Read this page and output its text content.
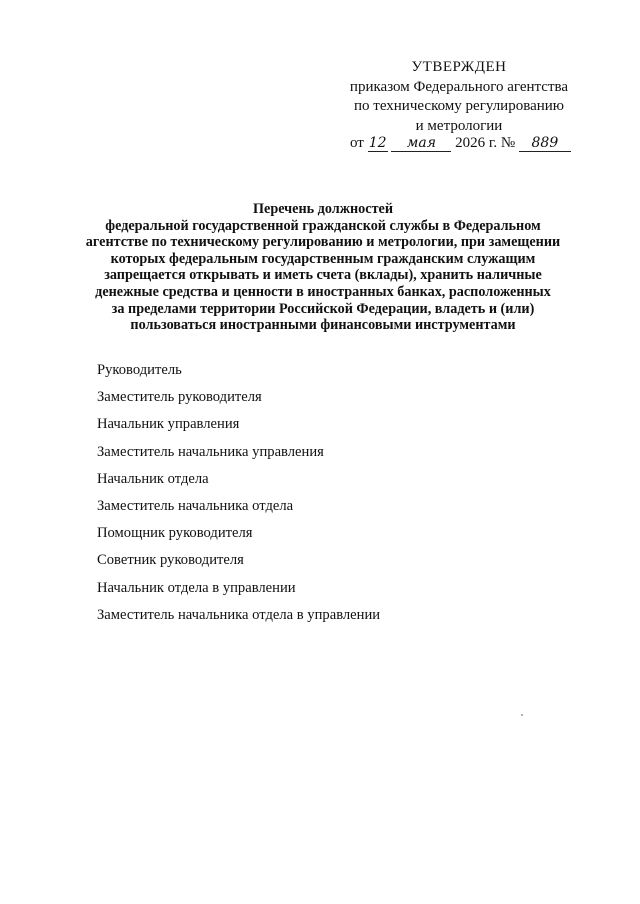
УТВЕРЖДЕН
приказом Федерального агентства
по техническому регулированию
и метрологии
от 12 мая 2026 г. № 889
Перечень должностей
федеральной государственной гражданской службы в Федеральном
агентстве по техническому регулированию и метрологии, при замещении
которых федеральным государственным гражданским служащим
запрещается открывать и иметь счета (вклады), хранить наличные
денежные средства и ценности в иностранных банках, расположенных
за пределами территории Российской Федерации, владеть и (или)
пользоваться иностранными финансовыми инструментами
Руководитель
Заместитель руководителя
Начальник управления
Заместитель начальника управления
Начальник отдела
Заместитель начальника отдела
Помощник руководителя
Советник руководителя
Начальник отдела в управлении
Заместитель начальника отдела в управлении
